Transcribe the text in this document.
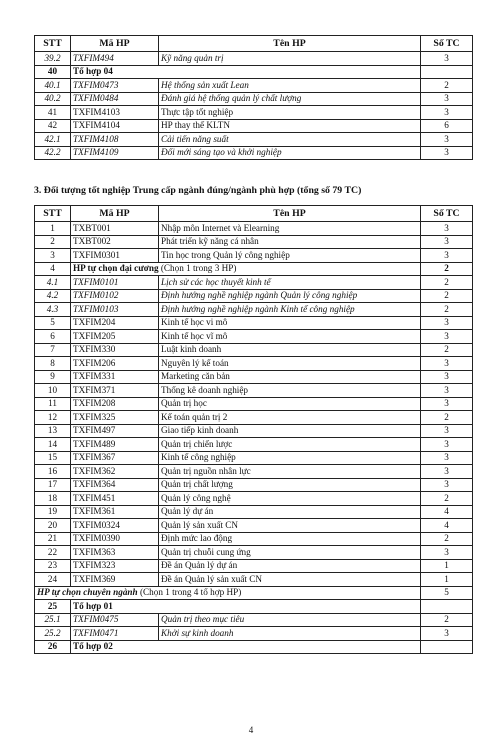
STT	Mã HP	Tên HP	Số TC
39.2	TXFIM494	Kỹ năng quản trị	3
40	Tổ hợp 04		
40.1	TXFIM0473	Hệ thống sản xuất Lean	2
40.2	TXFIM0484	Đánh giá hệ thống quản lý chất lượng	3
41	TXFIM4103	Thực tập tốt nghiệp	3
42	TXFIM4104	HP thay thế KLTN	6
42.1	TXFIM4108	Cải tiến năng suất	3
42.2	TXFIM4109	Đổi mới sáng tạo và khởi nghiệp	3
3. Đối tượng tốt nghiệp Trung cấp ngành đúng/ngành phù hợp (tổng số 79 TC)
STT	Mã HP	Tên HP	Số TC
1	TXBT001	Nhập môn Internet và Elearning	3
2	TXBT002	Phát triển kỹ năng cá nhân	3
3	TXFIM0301	Tin học trong Quản lý công nghiệp	3
4	HP tự chọn đại cương (Chọn 1 trong 3 HP)		2
4.1	TXFIM0101	Lịch sử các học thuyết kinh tế	2
4.2	TXFIM0102	Định hướng nghề nghiệp ngành Quản lý công nghiệp	2
4.3	TXFIM0103	Định hướng nghề nghiệp ngành Kinh tế công nghiệp	2
5	TXFIM204	Kinh tế học vi mô	3
6	TXFIM205	Kinh tế học vĩ mô	3
7	TXFIM330	Luật kinh doanh	2
8	TXFIM206	Nguyên lý kế toán	3
9	TXFIM331	Marketing căn bản	3
10	TXFIM371	Thống kê doanh nghiệp	3
11	TXFIM208	Quản trị học	3
12	TXFIM325	Kế toán quản trị 2	2
13	TXFIM497	Giao tiếp kinh doanh	3
14	TXFIM489	Quản trị chiến lược	3
15	TXFIM367	Kinh tế công nghiệp	3
16	TXFIM362	Quản trị nguồn nhân lực	3
17	TXFIM364	Quản trị chất lượng	3
18	TXFIM451	Quản lý công nghệ	2
19	TXFIM361	Quản lý dự án	4
20	TXFIM0324	Quản lý sản xuất CN	4
21	TXFIM0390	Định mức lao động	2
22	TXFIM363	Quản trị chuỗi cung ứng	3
23	TXFIM323	Đề án Quản lý dự án	1
24	TXFIM369	Đề án Quản lý sản xuất CN	1
HP tự chọn chuyên ngành (Chọn 1 trong 4 tổ hợp HP)			5
25	Tổ hợp 01		
25.1	TXFIM0475	Quản trị theo mục tiêu	2
25.2	TXFIM0471	Khởi sự kinh doanh	3
26	Tổ hợp 02		
4
